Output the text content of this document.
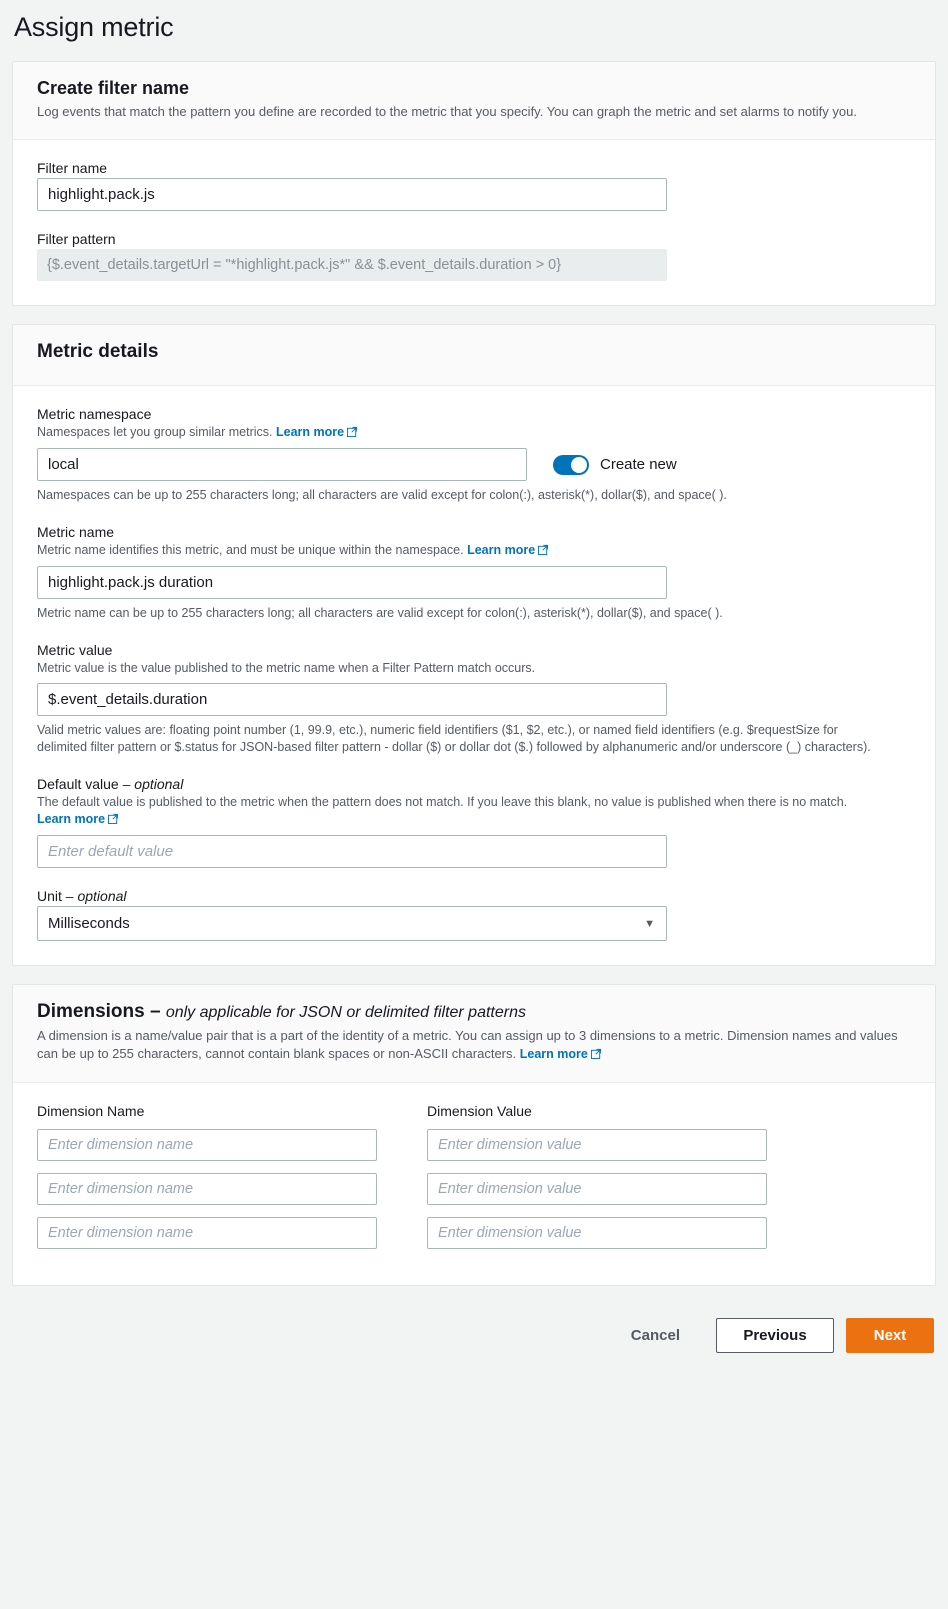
Assign metric
Create filter name
Log events that match the pattern you define are recorded to the metric that you specify. You can graph the metric and set alarms to notify you.
Filter name
highlight.pack.js
Filter pattern
{$.event_details.targetUrl = "*highlight.pack.js*" && $.event_details.duration > 0}
Metric details
Metric namespace
Namespaces let you group similar metrics. Learn more
local
Create new
Namespaces can be up to 255 characters long; all characters are valid except for colon(:), asterisk(*), dollar($), and space( ).
Metric name
Metric name identifies this metric, and must be unique within the namespace. Learn more
highlight.pack.js duration
Metric name can be up to 255 characters long; all characters are valid except for colon(:), asterisk(*), dollar($), and space( ).
Metric value
Metric value is the value published to the metric name when a Filter Pattern match occurs.
$.event_details.duration
Valid metric values are: floating point number (1, 99.9, etc.), numeric field identifiers ($1, $2, etc.), or named field identifiers (e.g. $requestSize for delimited filter pattern or $.status for JSON-based filter pattern - dollar ($) or dollar dot ($.) followed by alphanumeric and/or underscore (_) characters).
Default value – optional
The default value is published to the metric when the pattern does not match. If you leave this blank, no value is published when there is no match. Learn more
Enter default value
Unit – optional
Milliseconds
▼
Dimensions – only applicable for JSON or delimited filter patterns
A dimension is a name/value pair that is a part of the identity of a metric. You can assign up to 3 dimensions to a metric. Dimension names and values can be up to 255 characters, cannot contain blank spaces or non-ASCII characters. Learn more
Dimension Name	Dimension Value
Enter dimension name
Enter dimension value
Enter dimension name
Enter dimension value
Enter dimension name
Enter dimension value
Cancel	Previous	Next
